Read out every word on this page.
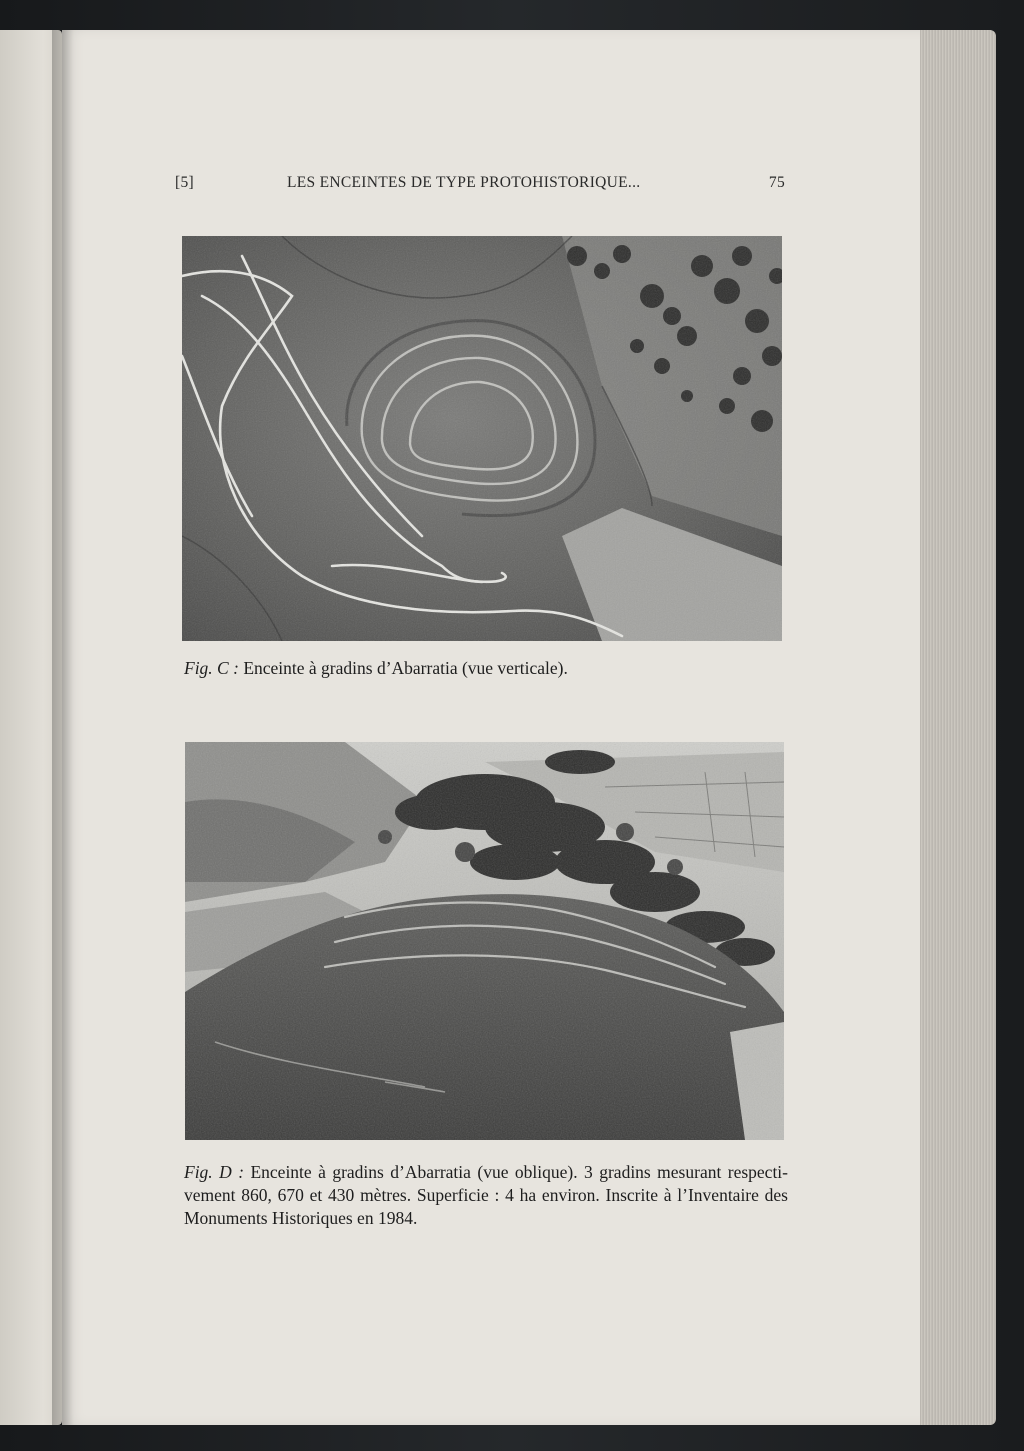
[5]	LES ENCEINTES DE TYPE PROTOHISTORIQUE...	75
Fig. C : Enceinte à gradins d’Abarratia (vue verticale).
Fig. D : Enceinte à gradins d’Abarratia (vue oblique). 3 gradins mesurant respecti-
vement 860, 670 et 430 mètres. Superficie : 4 ha environ. Inscrite à l’Inventaire des
Monuments Historiques en 1984.
